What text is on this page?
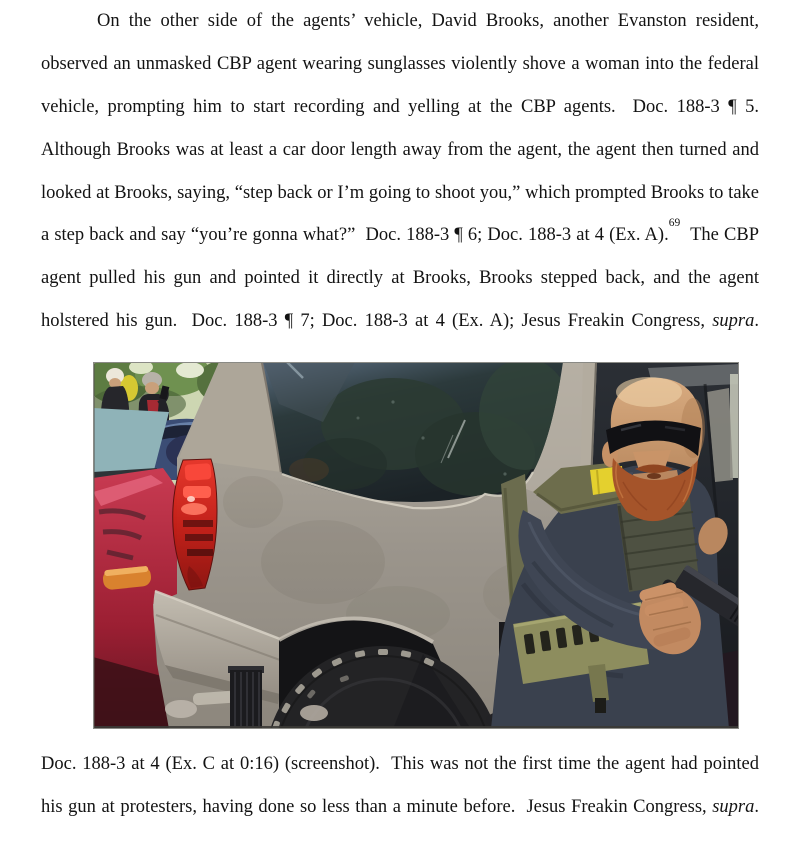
On the other side of the agents’ vehicle, David Brooks, another Evanston resident,
observed an unmasked CBP agent wearing sunglasses violently shove a woman into the federal
vehicle, prompting him to start recording and yelling at the CBP agents.  Doc. 188-3 ¶ 5.
Although Brooks was at least a car door length away from the agent, the agent then turned and
looked at Brooks, saying, “step back or I’m going to shoot you,” which prompted Brooks to take
a step back and say “you’re gonna what?”  Doc. 188-3 ¶ 6; Doc. 188-3 at 4 (Ex. A).$^{69}$  The CBP
agent pulled his gun and pointed it directly at Brooks, Brooks stepped back, and the agent
holstered his gun.  Doc. 188-3 ¶ 7; Doc. 188-3 at 4 (Ex. A); Jesus Freakin Congress, supra.
Doc. 188-3 at 4 (Ex. C at 0:16) (screenshot).  This was not the first time the agent had pointed
his gun at protesters, having done so less than a minute before.  Jesus Freakin Congress, supra.
